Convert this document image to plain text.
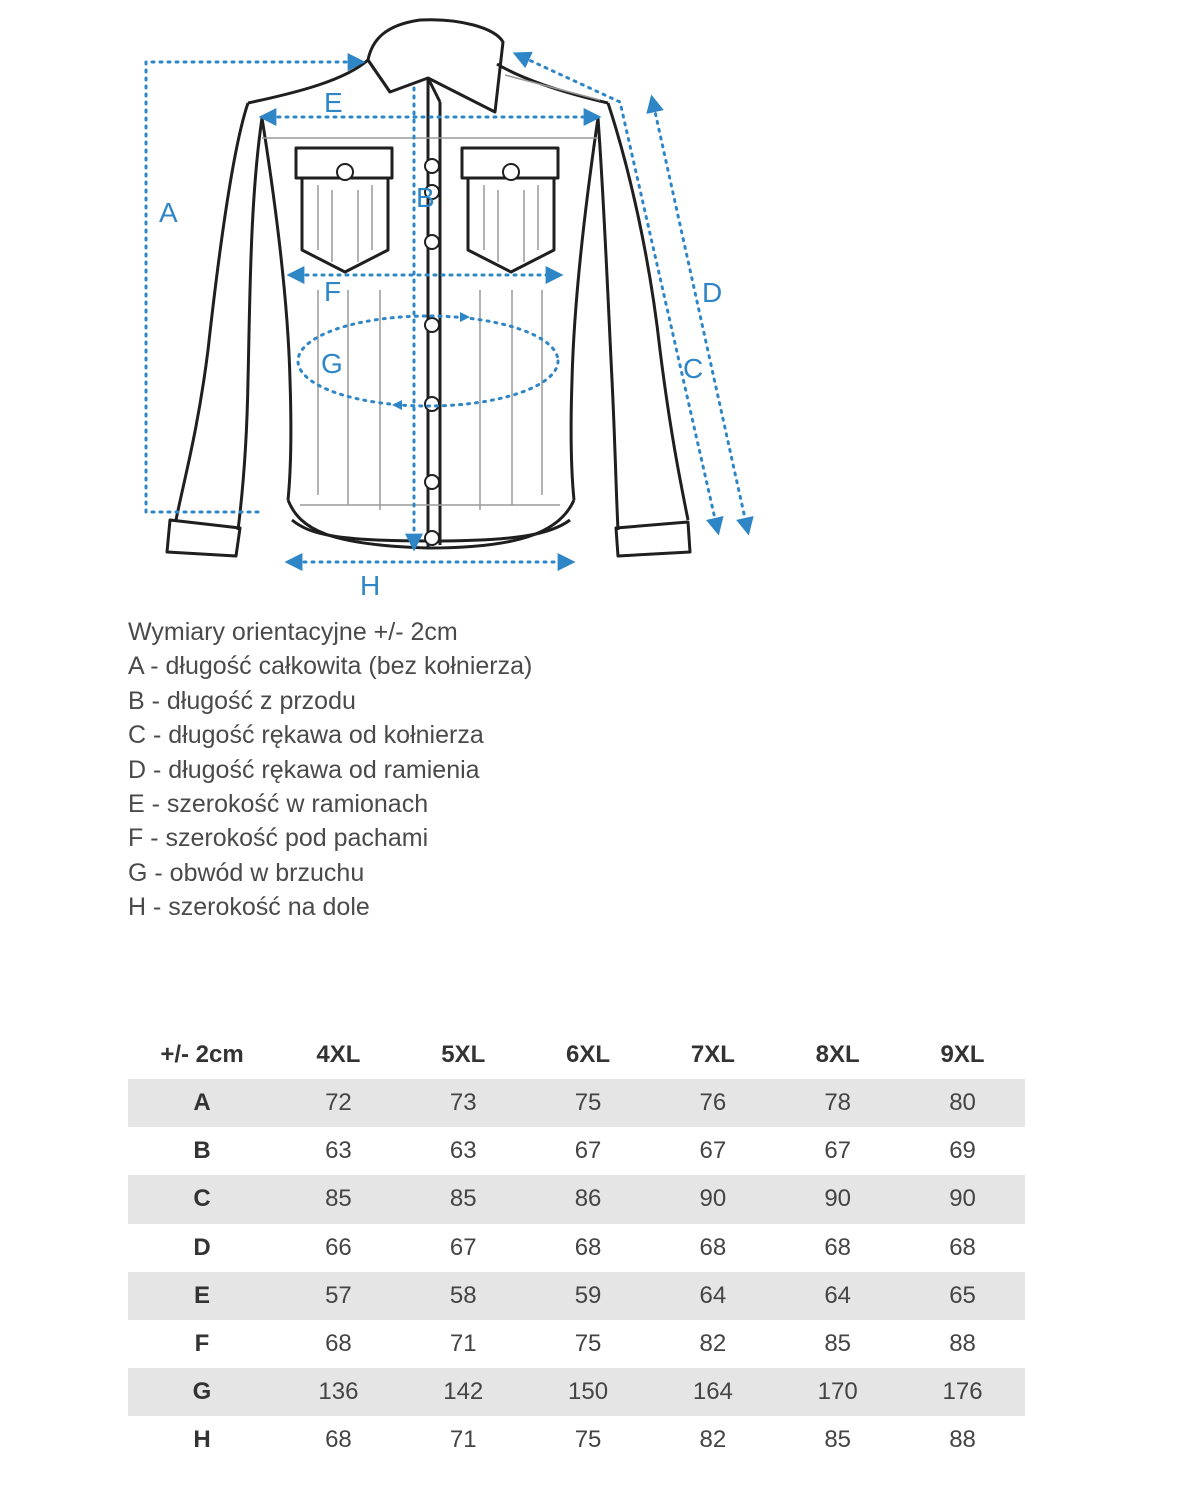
A	B
C
D
E
F
G
H
Wymiary orientacyjne +/- 2cm
A - długość całkowita (bez kołnierza)
B - długość z przodu
C - długość rękawa od kołnierza
D - długość rękawa od ramienia
E - szerokość w ramionach
F - szerokość pod pachami
G - obwód w brzuchu
H - szerokość na dole
+/- 2cm	4XL	5XL	6XL	7XL	8XL	9XL
A	72	73	75	76	78	80
B	63	63	67	67	67	69
C	85	85	86	90	90	90
D	66	67	68	68	68	68
E	57	58	59	64	64	65
F	68	71	75	82	85	88
G	136	142	150	164	170	176
H	68	71	75	82	85	88
